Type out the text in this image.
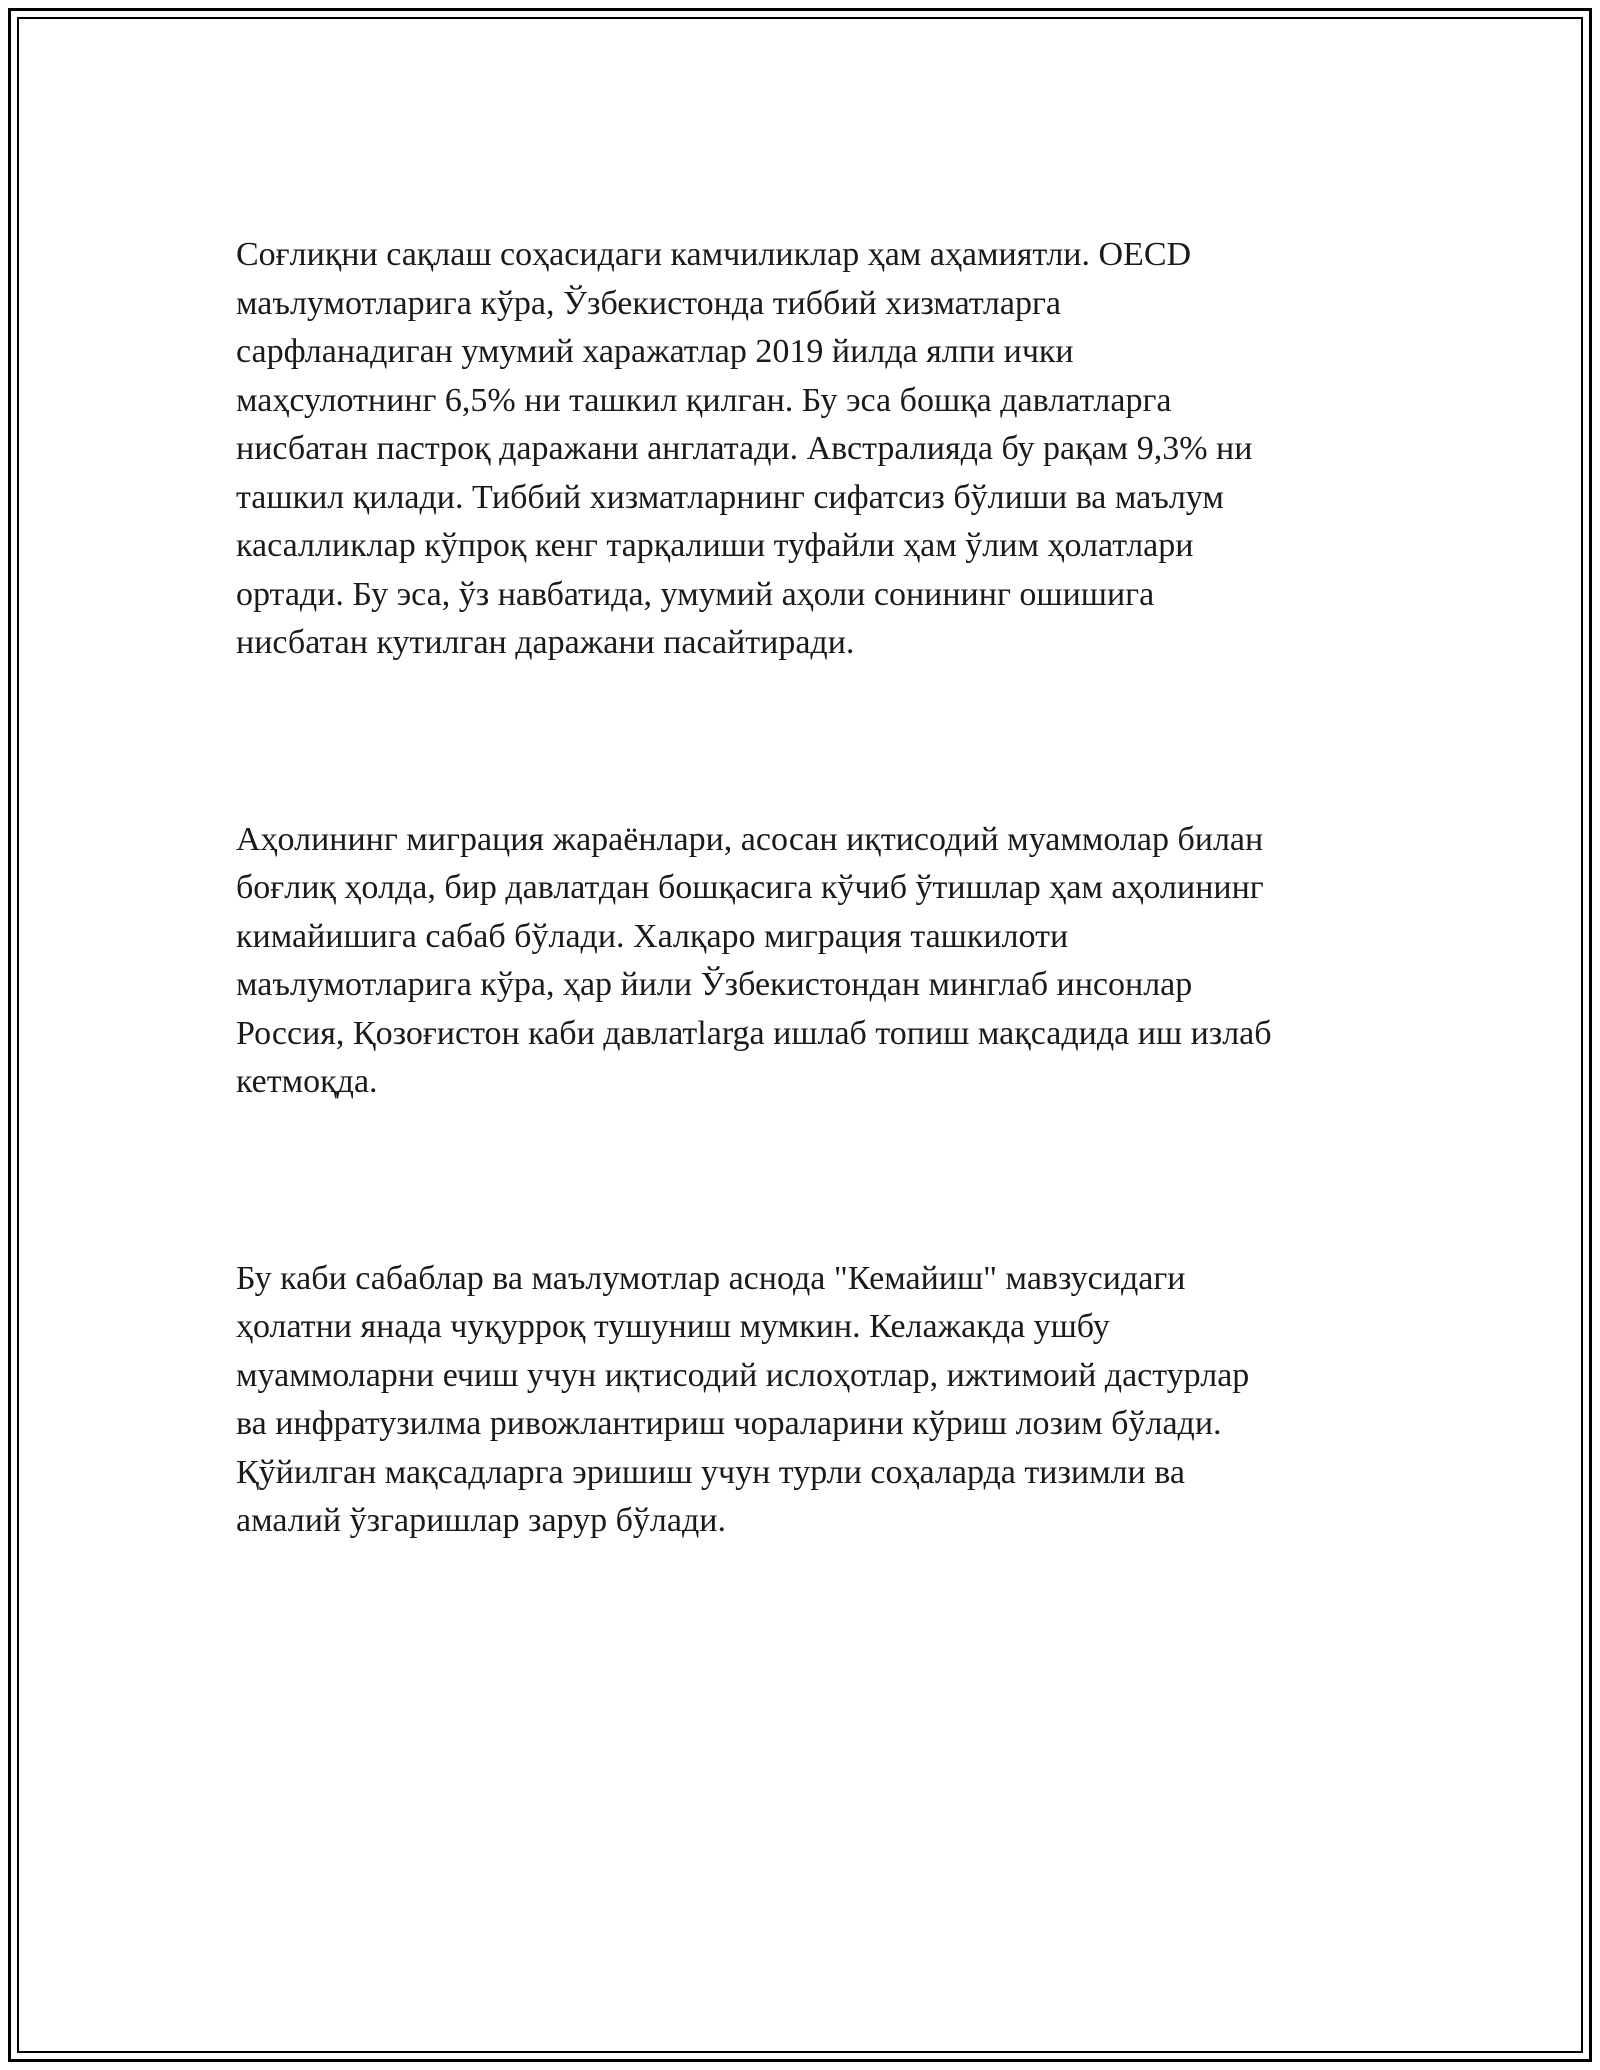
Соғлиқни сақлаш соҳасидаги камчиликлар ҳам аҳамиятли. OECD
маълумотларига кўра, Ўзбекистонда тиббий хизматларга
сарфланадиган умумий харажатлар 2019 йилда ялпи ички
маҳсулотнинг 6,5% ни ташкил қилган. Бу эса бошқа давлатларга
нисбатан пастроқ даражани англатади. Австралияда бу рақам 9,3% ни
ташкил қилади. Тиббий хизматларнинг сифатсиз бўлиши ва маълум
касалликлар кўпроқ кенг тарқалиши туфайли ҳам ўлим ҳолатлари
ортади. Бу эса, ўз навбатида, умумий аҳоли сонининг ошишига
нисбатан кутилган даражани пасайтиради.

Аҳолининг миграция жараёнлари, асосан иқтисодий муаммолар билан
боғлиқ ҳолда, бир давлатдан бошқасига кўчиб ўтишлар ҳам аҳолининг
кимайишига сабаб бўлади. Халқаро миграция ташкилоти
маълумотларига кўра, ҳар йили Ўзбекистондан минглаб инсонлар
Россия, Қозоғистон каби давлатlarga ишлаб топиш мақсадида иш излаб
кетмоқда.

Бу каби сабаблар ва маълумотлар аснода "Кемайиш" мавзусидаги
ҳолатни янада чуқурроқ тушуниш мумкин. Келажакда ушбу
муаммоларни ечиш учун иқтисодий ислоҳотлар, ижтимоий дастурлар
ва инфратузилма ривожлантириш чораларини кўриш лозим бўлади.
Қўйилган мақсадларга эришиш учун турли соҳаларда тизимли ва
амалий ўзгаришлар зарур бўлади.
